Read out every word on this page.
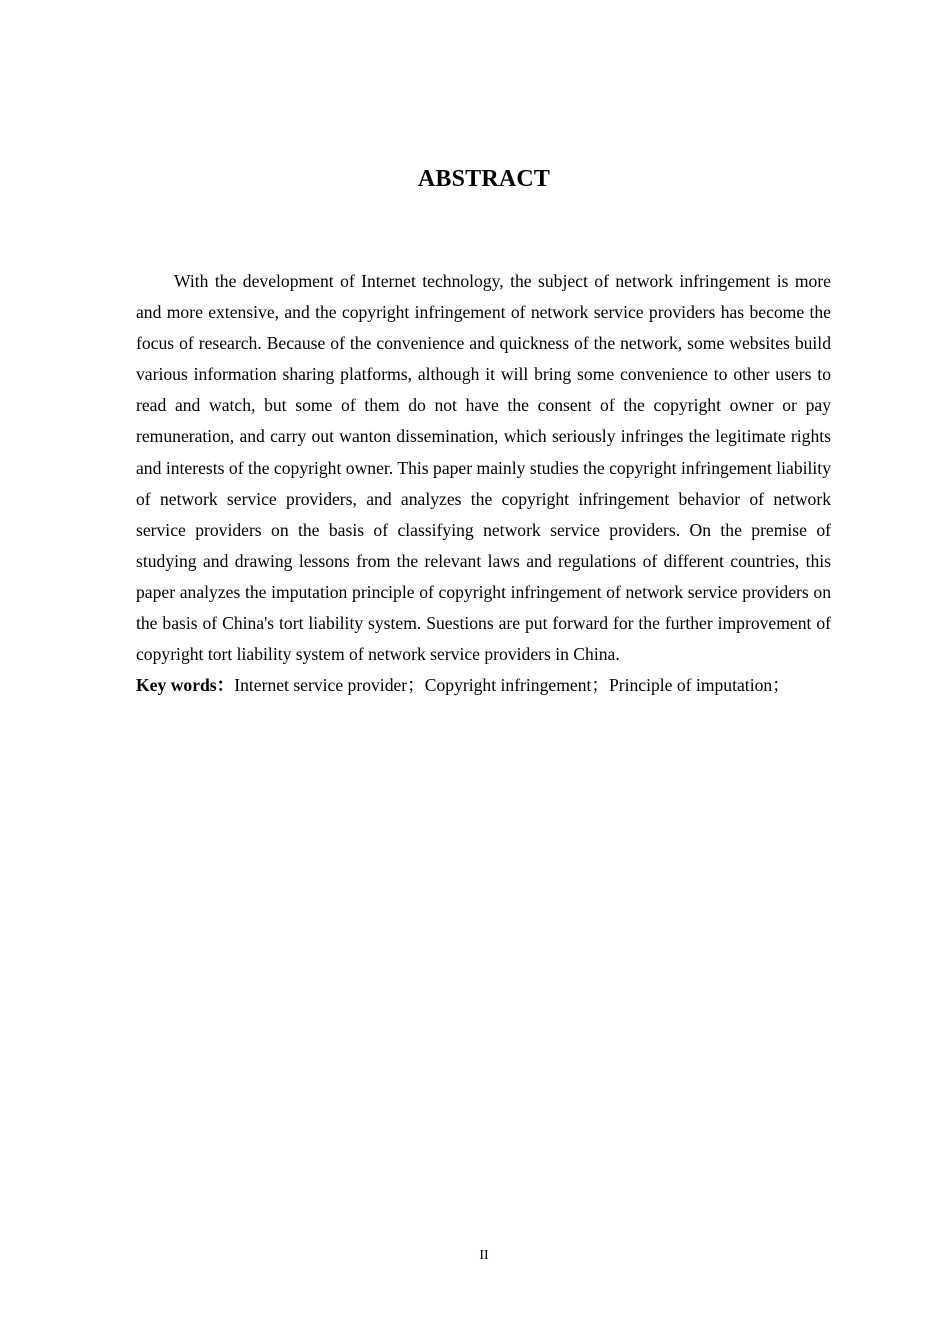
ABSTRACT

With the development of Internet technology, the subject of network infringement is more and more extensive, and the copyright infringement of network service providers has become the focus of research. Because of the convenience and quickness of the network, some websites build various information sharing platforms, although it will bring some convenience to other users to read and watch, but some of them do not have the consent of the copyright owner or pay remuneration, and carry out wanton dissemination, which seriously infringes the legitimate rights and interests of the copyright owner. This paper mainly studies the copyright infringement liability of network service providers, and analyzes the copyright infringement behavior of network service providers on the basis of classifying network service providers. On the premise of studying and drawing lessons from the relevant laws and regulations of different countries, this paper analyzes the imputation principle of copyright infringement of network service providers on the basis of China's tort liability system. Suestions are put forward for the further improvement of copyright tort liability system of network service providers in China.

Key words：Internet service provider；Copyright infringement；Principle of imputation；

II
